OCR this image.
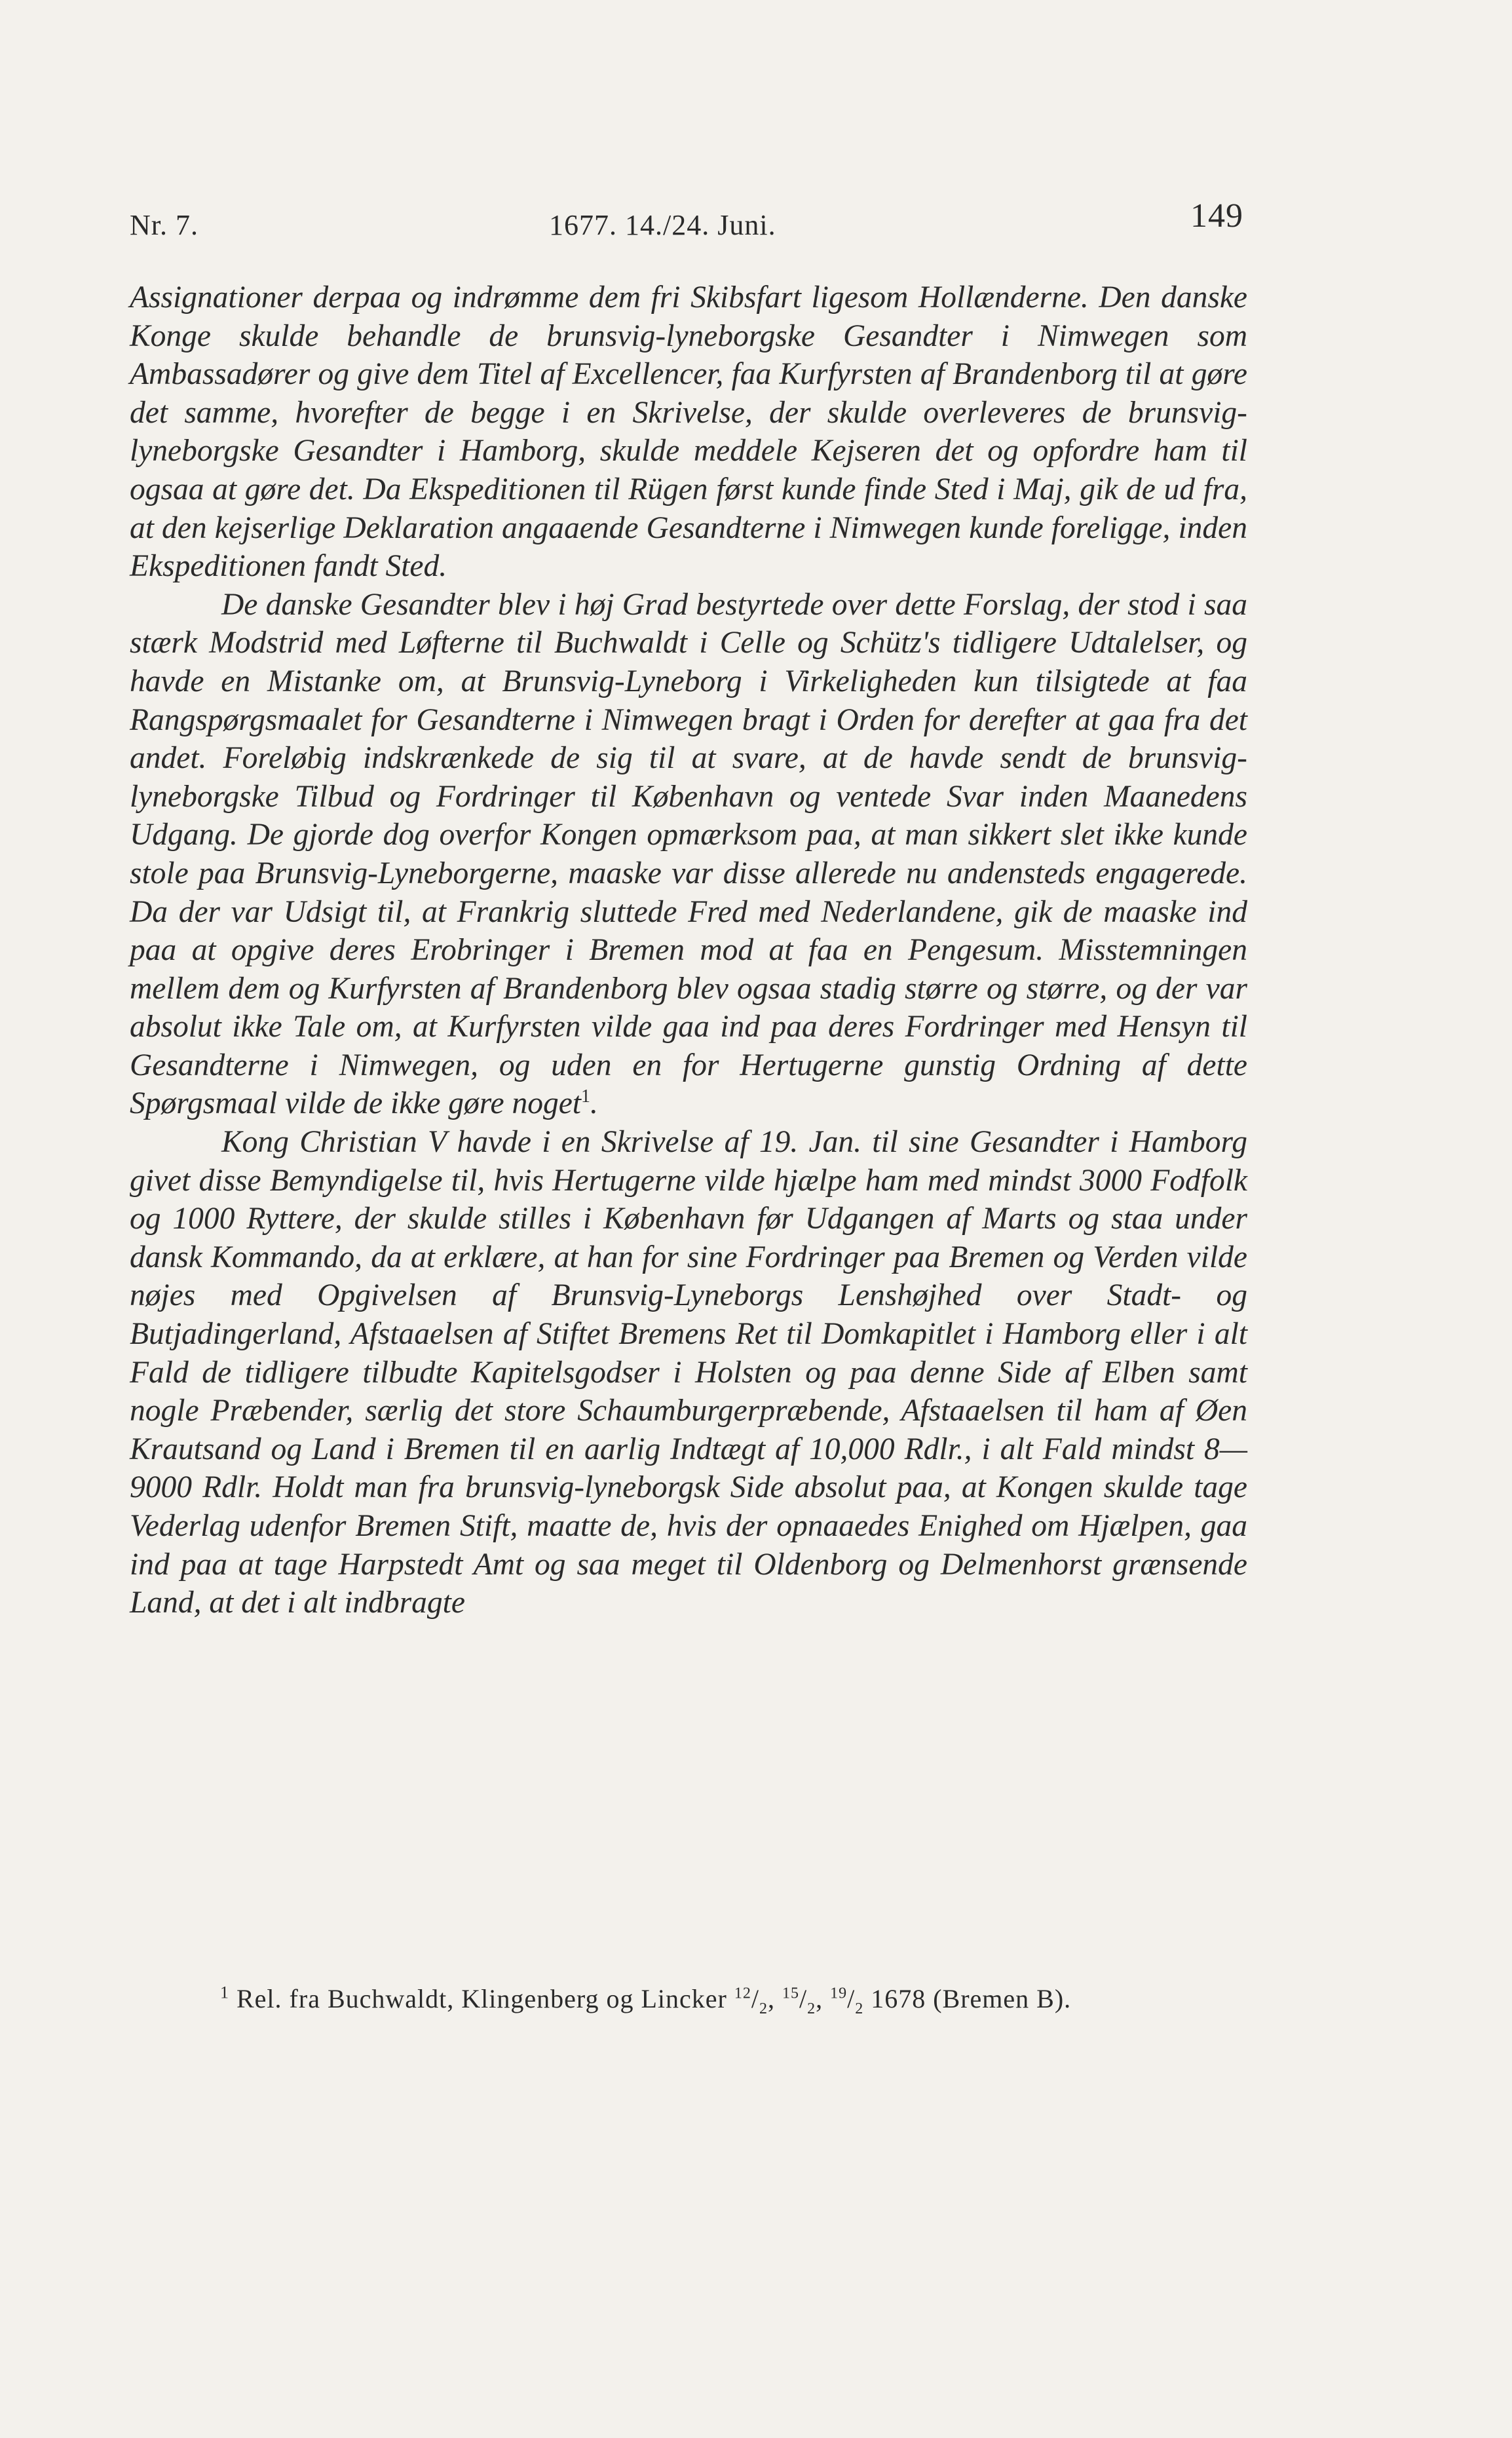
Nr. 7.	1677. 14./24. Juni.	149

Assignationer derpaa og indrømme dem fri Skibsfart ligesom Hollænderne. Den danske Konge skulde behandle de brunsvig-lyneborgske Gesandter i Nimwegen som Ambassadører og give dem Titel af Excellencer, faa Kurfyrsten af Brandenborg til at gøre det samme, hvorefter de begge i en Skrivelse, der skulde overleveres de brunsvig-lyneborgske Gesandter i Hamborg, skulde meddele Kejseren det og opfordre ham til ogsaa at gøre det. Da Ekspeditionen til Rügen først kunde finde Sted i Maj, gik de ud fra, at den kejserlige Deklaration angaaende Gesandterne i Nimwegen kunde foreligge, inden Ekspeditionen fandt Sted.

De danske Gesandter blev i høj Grad bestyrtede over dette Forslag, der stod i saa stærk Modstrid med Løfterne til Buchwaldt i Celle og Schütz's tidligere Udtalelser, og havde en Mistanke om, at Brunsvig-Lyneborg i Virkeligheden kun tilsigtede at faa Rangspørgsmaalet for Gesandterne i Nimwegen bragt i Orden for derefter at gaa fra det andet. Foreløbig indskrænkede de sig til at svare, at de havde sendt de brunsvig-lyneborgske Tilbud og Fordringer til København og ventede Svar inden Maanedens Udgang. De gjorde dog overfor Kongen opmærksom paa, at man sikkert slet ikke kunde stole paa Brunsvig-Lyneborgerne, maaske var disse allerede nu andensteds engagerede. Da der var Udsigt til, at Frankrig sluttede Fred med Nederlandene, gik de maaske ind paa at opgive deres Erobringer i Bremen mod at faa en Pengesum. Misstemningen mellem dem og Kurfyrsten af Brandenborg blev ogsaa stadig større og større, og der var absolut ikke Tale om, at Kurfyrsten vilde gaa ind paa deres Fordringer med Hensyn til Gesandterne i Nimwegen, og uden en for Hertugerne gunstig Ordning af dette Spørgsmaal vilde de ikke gøre noget$^1$.

Kong Christian V havde i en Skrivelse af 19. Jan. til sine Gesandter i Hamborg givet disse Bemyndigelse til, hvis Hertugerne vilde hjælpe ham med mindst 3000 Fodfolk og 1000 Ryttere, der skulde stilles i København før Udgangen af Marts og staa under dansk Kommando, da at erklære, at han for sine Fordringer paa Bremen og Verden vilde nøjes med Opgivelsen af Brunsvig-Lyneborgs Lenshøjhed over Stadt- og Butjadingerland, Afstaaelsen af Stiftet Bremens Ret til Domkapitlet i Hamborg eller i alt Fald de tidligere tilbudte Kapitelsgodser i Holsten og paa denne Side af Elben samt nogle Præbender, særlig det store Schaumburgerpræbende, Afstaaelsen til ham af Øen Krautsand og Land i Bremen til en aarlig Indtægt af 10,000 Rdlr., i alt Fald mindst 8—9000 Rdlr. Holdt man fra brunsvig-lyneborgsk Side absolut paa, at Kongen skulde tage Vederlag udenfor Bremen Stift, maatte de, hvis der opnaaedes Enighed om Hjælpen, gaa ind paa at tage Harpstedt Amt og saa meget til Oldenborg og Delmenhorst grænsende Land, at det i alt indbragte

$^1$ Rel. fra Buchwaldt, Klingenberg og Lincker $^{12}/_2$, $^{15}/_2$, $^{19}/_2$ 1678 (Bremen B).
